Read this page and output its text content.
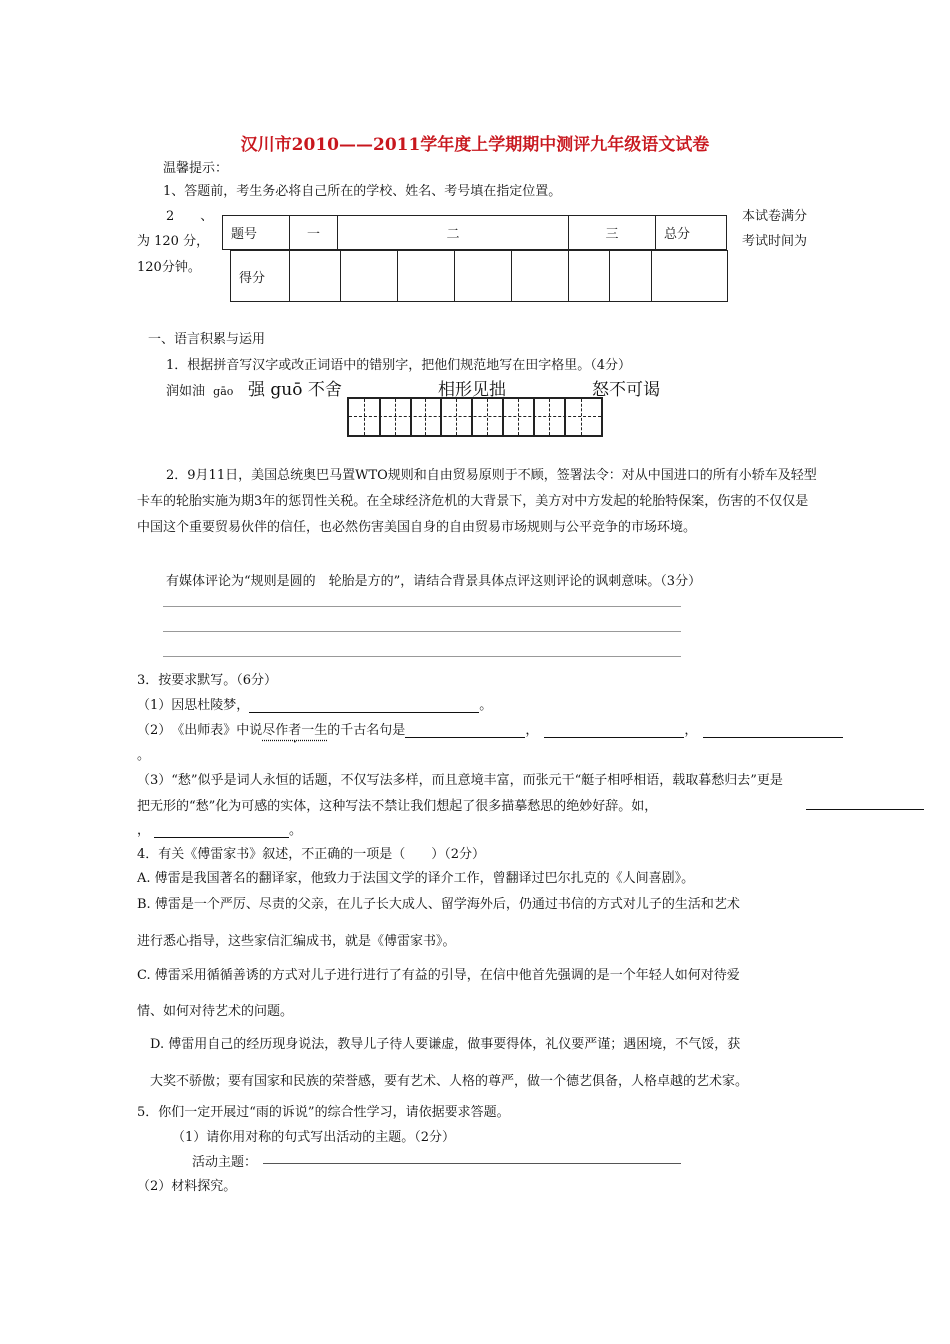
汉川市2010——2011学年度上学期期中测评九年级语文试卷
温馨提示：
1、答题前，考生务必将自己所在的学校、姓名、考号填在指定位置。
2　　、
为 120 分，
120分钟。
本试卷满分
考试时间为
题号	一	二	三	总分
得分								
一、语言积累与运用
1．根据拼音写汉字或改正词语中的错别字，把他们规范地写在田字格里。（4分）
润如油 gāo 强 guō 不舍	相形见拙	怒不可谒
2．9月11日，美国总统奥巴马置WTO规则和自由贸易原则于不顾，签署法令：对从中国进口的所有小轿车及轻型卡车的轮胎实施为期3年的惩罚性关税。在全球经济危机的大背景下，美方对中方发起的轮胎特保案，伤害的不仅仅是中国这个重要贸易伙伴的信任，也必然伤害美国自身的自由贸易市场规则与公平竞争的市场环境。
有媒体评论为“规则是圆的　轮胎是方的”，请结合背景具体点评这则评论的讽刺意味。（3分）
3．按要求默写。（6分）
（1）因思杜陵梦，	。
（2）　《出师表》中说尽作者一生 ·的千古名句是	，	，
。
（3）“愁”似乎是词人永恒的话题，不仅写法多样，而且意境丰富，而张元干“艇子相呼相语，载取暮愁归去”更是把无形的“愁”化为可感的实体，这种写法不禁让我们想起了很多描摹愁思的绝妙好辞。如，
，	。
4．有关《傅雷家书》叙述，不正确的一项是（　　）（2分）
A. 傅雷是我国著名的翻译家，他致力于法国文学的译介工作，曾翻译过巴尔扎克的《人间喜剧》。
B. 傅雷是一个严厉、尽责的父亲，在儿子长大成人、留学海外后，仍通过书信的方式对儿子的生活和艺术
进行悉心指导，这些家信汇编成书，就是《傅雷家书》。
C. 傅雷采用循循善诱的方式对儿子进行进行了有益的引导，在信中他首先强调的是一个年轻人如何对待爱
情、如何对待艺术的问题。
D. 傅雷用自己的经历现身说法，教导儿子待人要谦虚，做事要得体，礼仪要严谨；遇困境，不气馁，获
大奖不骄傲；要有国家和民族的荣誉感，要有艺术、人格的尊严，做一个德艺俱备，人格卓越的艺术家。
5．你们一定开展过“雨的诉说”的综合性学习，请依据要求答题。
（1）请你用对称的句式写出活动的主题。（2分）
活动主题：
（2）材料探究。
